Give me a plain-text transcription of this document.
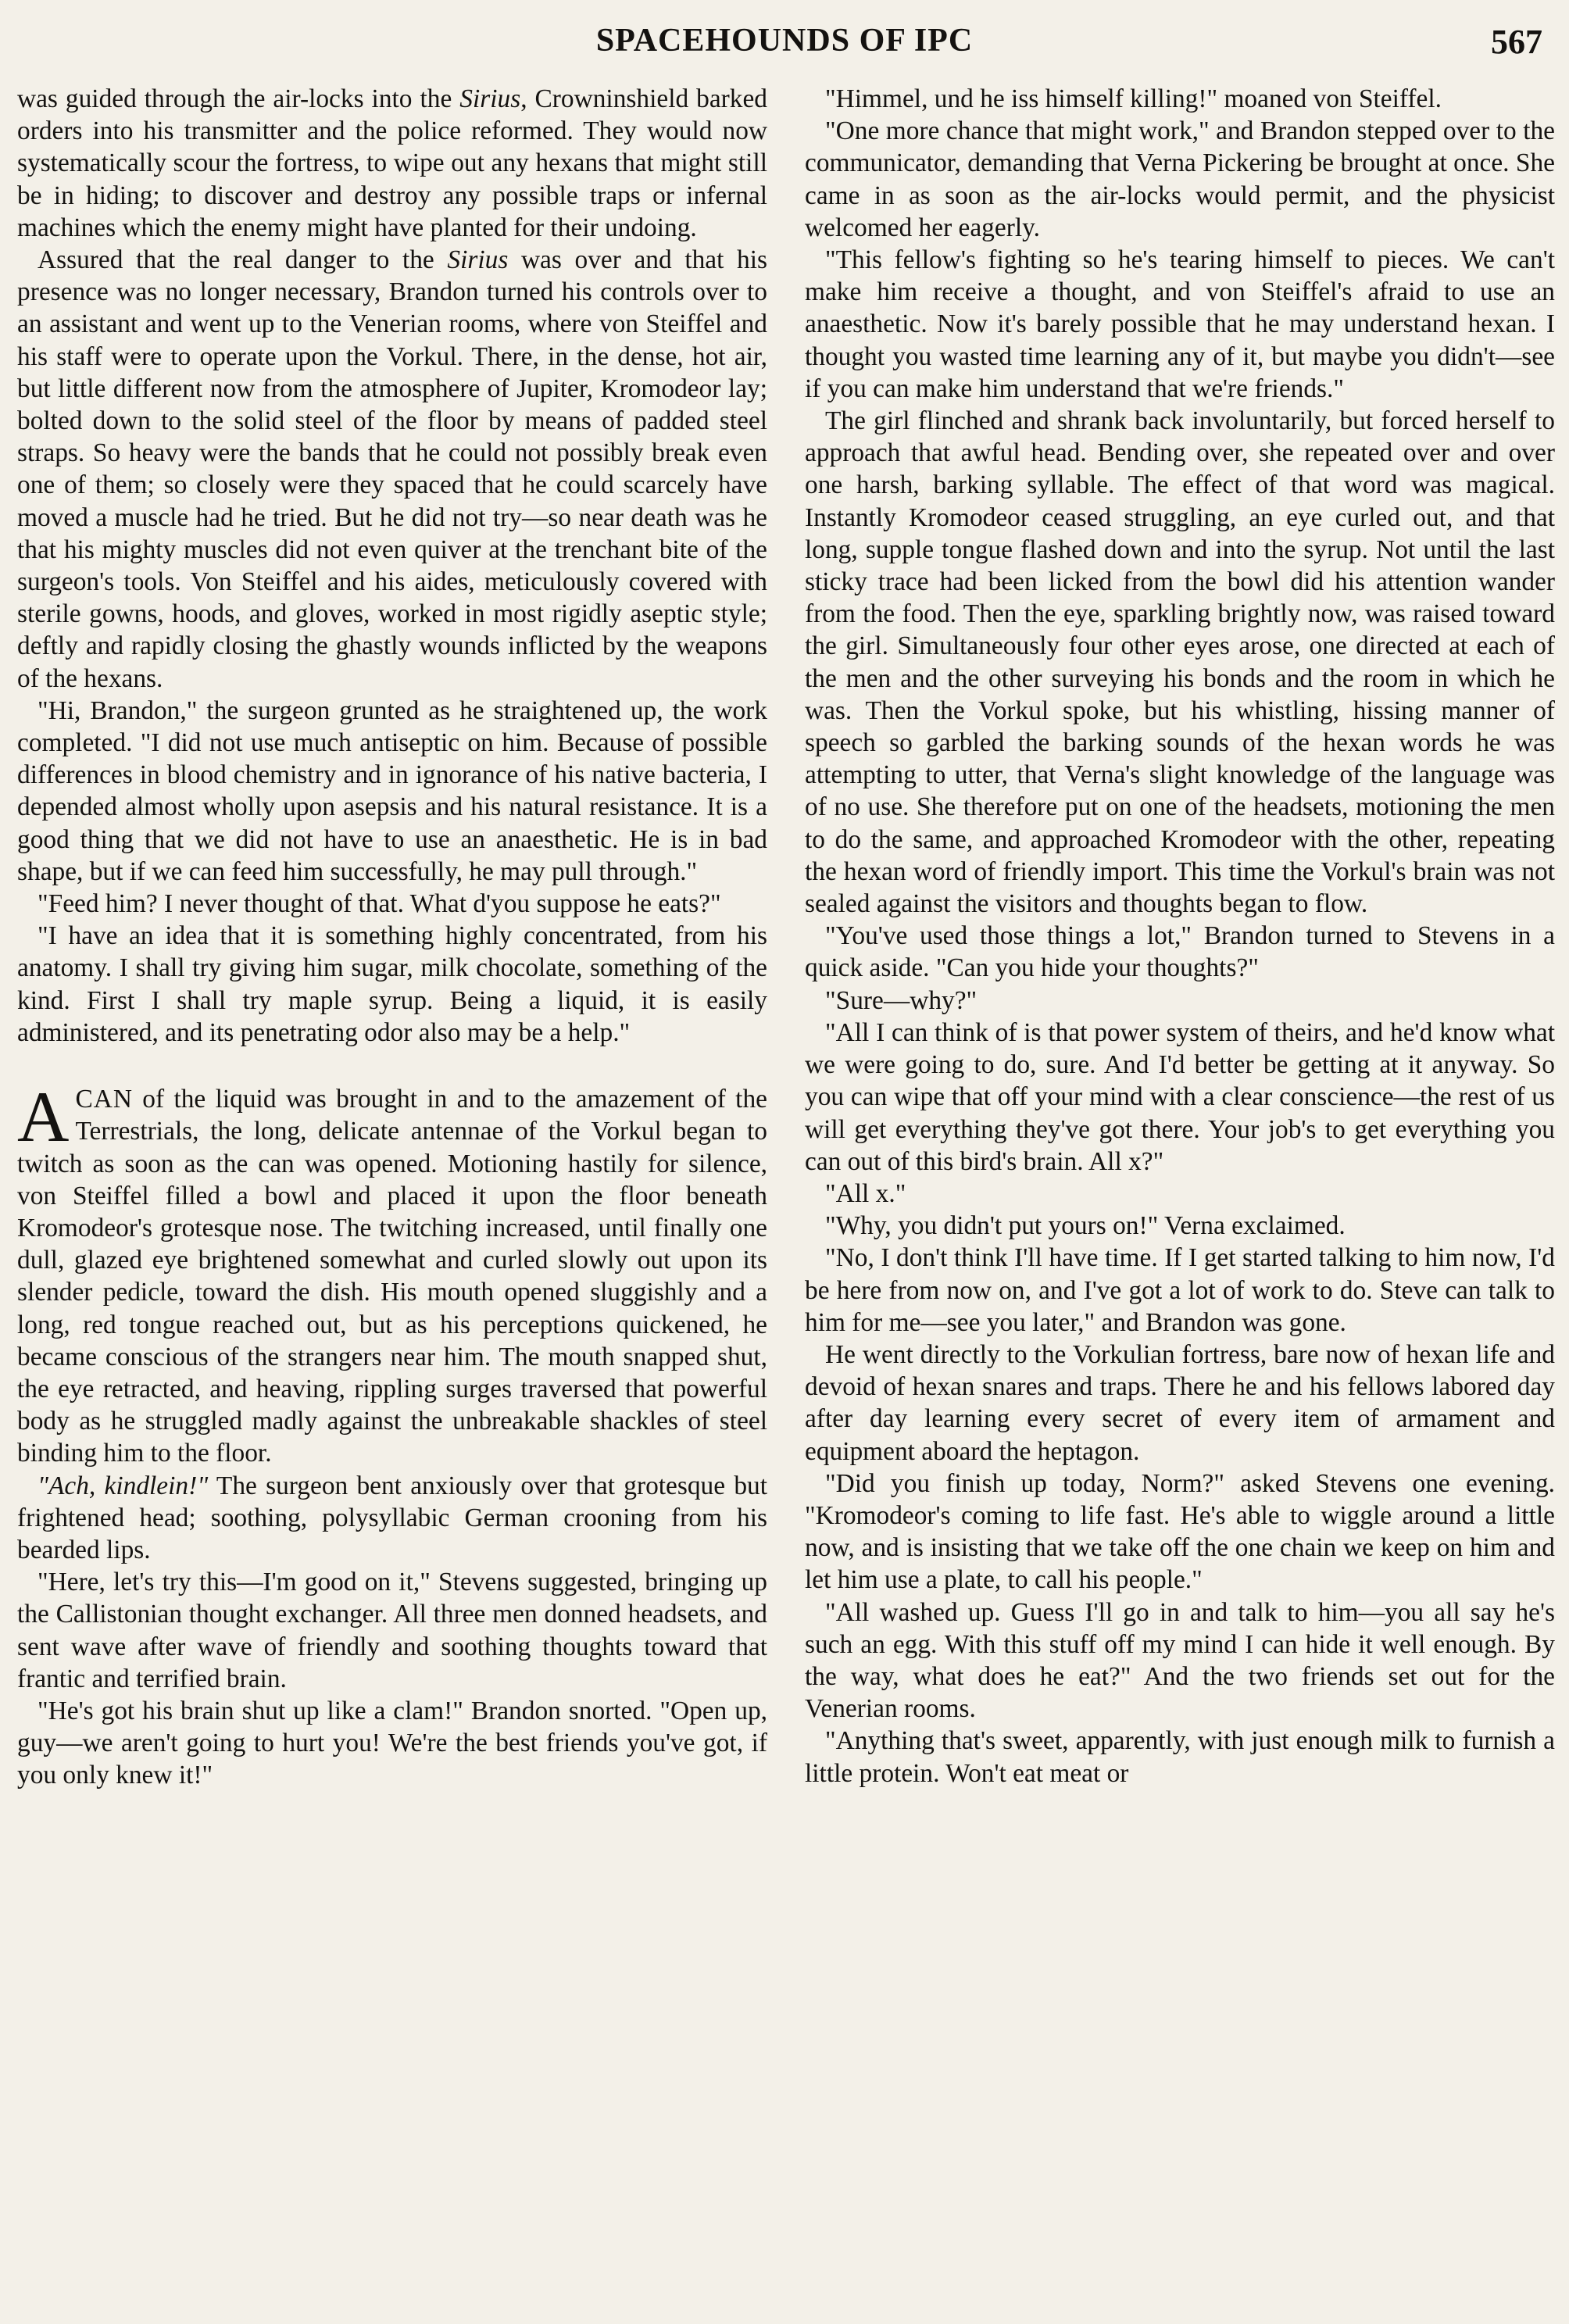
SPACEHOUNDS OF IPC	567

was guided through the air-locks into the Sirius, Crowninshield barked orders into his transmitter and the police reformed. They would now systematically scour the fortress, to wipe out any hexans that might still be in hiding; to discover and destroy any possible traps or infernal machines which the enemy might have planted for their undoing.

Assured that the real danger to the Sirius was over and that his presence was no longer necessary, Brandon turned his controls over to an assistant and went up to the Venerian rooms, where von Steiffel and his staff were to operate upon the Vorkul. There, in the dense, hot air, but little different now from the atmosphere of Jupiter, Kromodeor lay; bolted down to the solid steel of the floor by means of padded steel straps. So heavy were the bands that he could not possibly break even one of them; so closely were they spaced that he could scarcely have moved a muscle had he tried. But he did not try—so near death was he that his mighty muscles did not even quiver at the trenchant bite of the surgeon's tools. Von Steiffel and his aides, meticulously covered with sterile gowns, hoods, and gloves, worked in most rigidly aseptic style; deftly and rapidly closing the ghastly wounds inflicted by the weapons of the hexans.

"Hi, Brandon," the surgeon grunted as he straightened up, the work completed. "I did not use much antiseptic on him. Because of possible differences in blood chemistry and in ignorance of his native bacteria, I depended almost wholly upon asepsis and his natural resistance. It is a good thing that we did not have to use an anaesthetic. He is in bad shape, but if we can feed him successfully, he may pull through."

"Feed him? I never thought of that. What d'you suppose he eats?"

"I have an idea that it is something highly concentrated, from his anatomy. I shall try giving him sugar, milk chocolate, something of the kind. First I shall try maple syrup. Being a liquid, it is easily administered, and its penetrating odor also may be a help."

ACAN of the liquid was brought in and to the amazement of the Terrestrials, the long, delicate antennae of the Vorkul began to twitch as soon as the can was opened. Motioning hastily for silence, von Steiffel filled a bowl and placed it upon the floor beneath Kromodeor's grotesque nose. The twitching increased, until finally one dull, glazed eye brightened somewhat and curled slowly out upon its slender pedicle, toward the dish. His mouth opened sluggishly and a long, red tongue reached out, but as his perceptions quickened, he became conscious of the strangers near him. The mouth snapped shut, the eye retracted, and heaving, rippling surges traversed that powerful body as he struggled madly against the unbreakable shackles of steel binding him to the floor.

"Ach, kindlein!" The surgeon bent anxiously over that grotesque but frightened head; soothing, polysyllabic German crooning from his bearded lips.

"Here, let's try this—I'm good on it," Stevens suggested, bringing up the Callistonian thought exchanger. All three men donned headsets, and sent wave after wave of friendly and soothing thoughts toward that frantic and terrified brain.

"He's got his brain shut up like a clam!" Brandon snorted. "Open up, guy—we aren't going to hurt you! We're the best friends you've got, if you only knew it!"

"Himmel, und he iss himself killing!" moaned von Steiffel.

"One more chance that might work," and Brandon stepped over to the communicator, demanding that Verna Pickering be brought at once. She came in as soon as the air-locks would permit, and the physicist welcomed her eagerly.

"This fellow's fighting so he's tearing himself to pieces. We can't make him receive a thought, and von Steiffel's afraid to use an anaesthetic. Now it's barely possible that he may understand hexan. I thought you wasted time learning any of it, but maybe you didn't—see if you can make him understand that we're friends."

The girl flinched and shrank back involuntarily, but forced herself to approach that awful head. Bending over, she repeated over and over one harsh, barking syllable. The effect of that word was magical. Instantly Kromodeor ceased struggling, an eye curled out, and that long, supple tongue flashed down and into the syrup. Not until the last sticky trace had been licked from the bowl did his attention wander from the food. Then the eye, sparkling brightly now, was raised toward the girl. Simultaneously four other eyes arose, one directed at each of the men and the other surveying his bonds and the room in which he was. Then the Vorkul spoke, but his whistling, hissing manner of speech so garbled the barking sounds of the hexan words he was attempting to utter, that Verna's slight knowledge of the language was of no use. She therefore put on one of the headsets, motioning the men to do the same, and approached Kromodeor with the other, repeating the hexan word of friendly import. This time the Vorkul's brain was not sealed against the visitors and thoughts began to flow.

"You've used those things a lot," Brandon turned to Stevens in a quick aside. "Can you hide your thoughts?"

"Sure—why?"

"All I can think of is that power system of theirs, and he'd know what we were going to do, sure. And I'd better be getting at it anyway. So you can wipe that off your mind with a clear conscience—the rest of us will get everything they've got there. Your job's to get everything you can out of this bird's brain. All x?"

"All x."

"Why, you didn't put yours on!" Verna exclaimed.

"No, I don't think I'll have time. If I get started talking to him now, I'd be here from now on, and I've got a lot of work to do. Steve can talk to him for me—see you later," and Brandon was gone.

He went directly to the Vorkulian fortress, bare now of hexan life and devoid of hexan snares and traps. There he and his fellows labored day after day learning every secret of every item of armament and equipment aboard the heptagon.

"Did you finish up today, Norm?" asked Stevens one evening. "Kromodeor's coming to life fast. He's able to wiggle around a little now, and is insisting that we take off the one chain we keep on him and let him use a plate, to call his people."

"All washed up. Guess I'll go in and talk to him—you all say he's such an egg. With this stuff off my mind I can hide it well enough. By the way, what does he eat?" And the two friends set out for the Venerian rooms.

"Anything that's sweet, apparently, with just enough milk to furnish a little protein. Won't eat meat or
